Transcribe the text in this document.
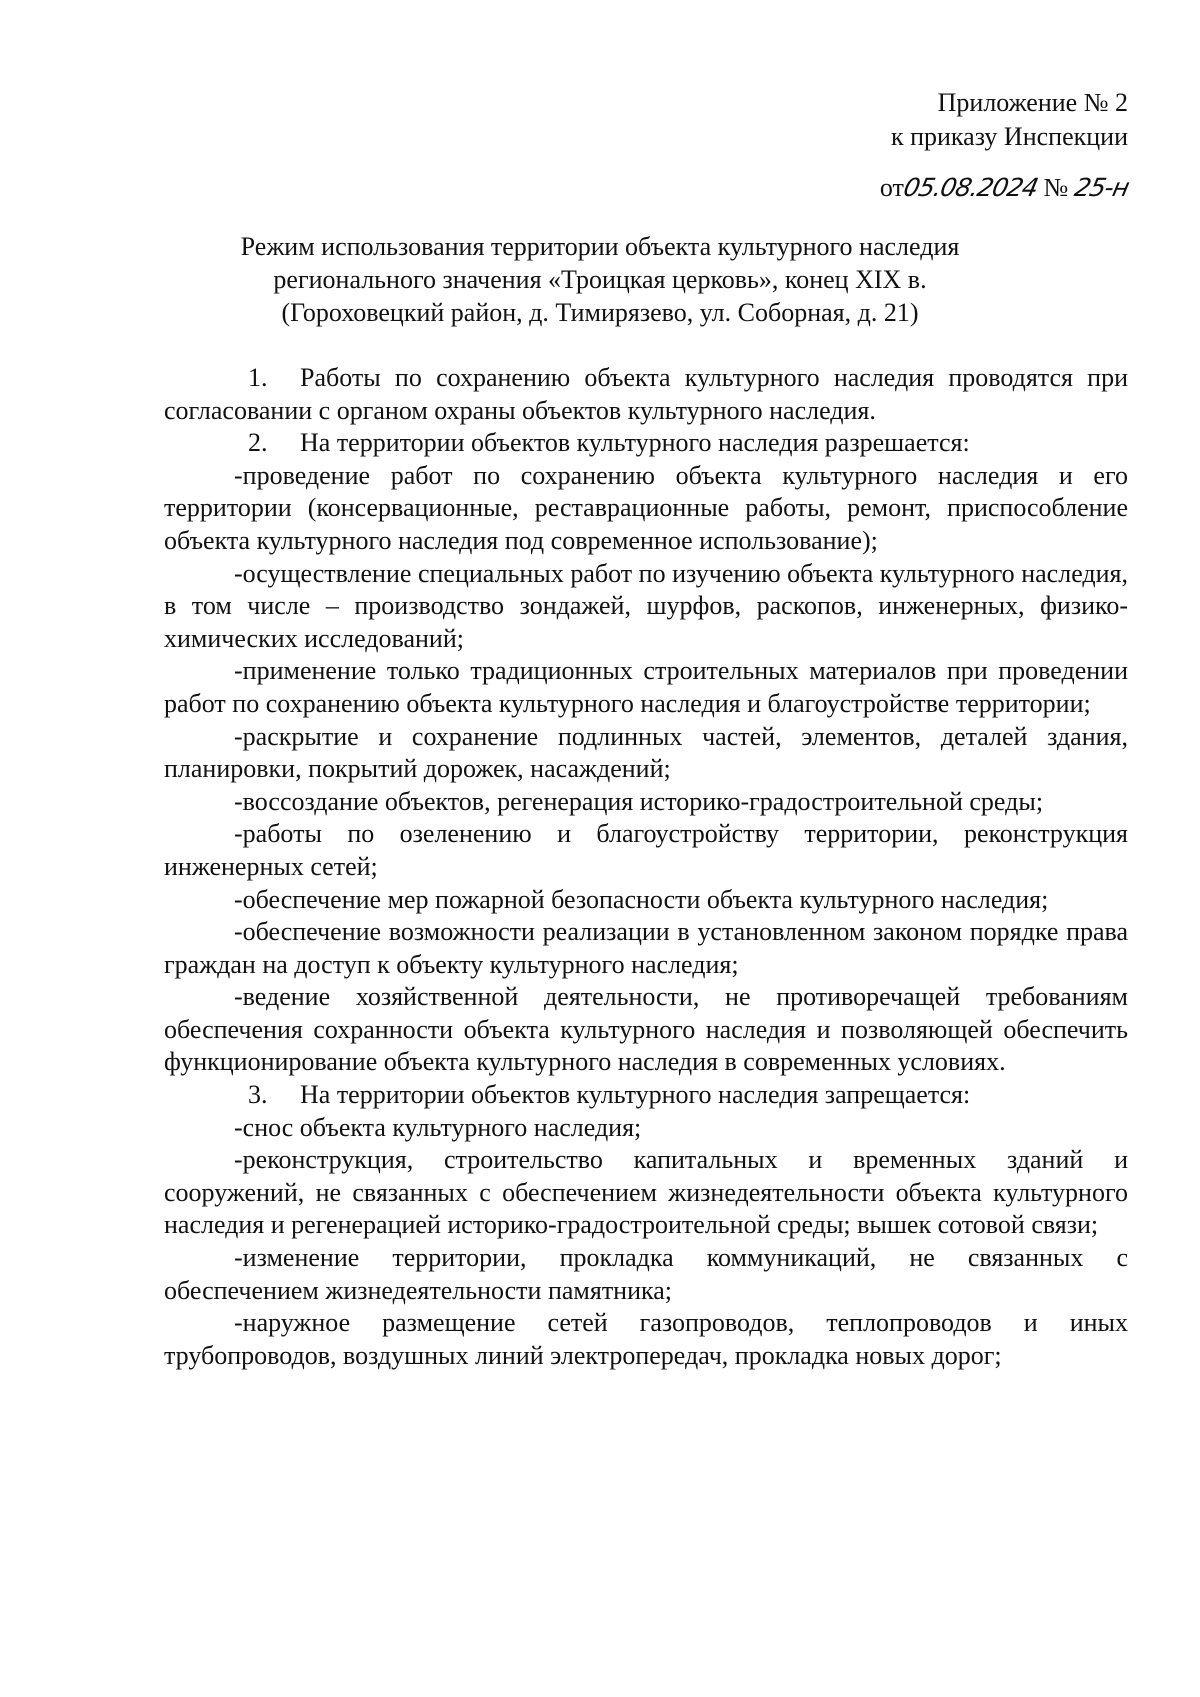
Приложение № 2
к приказу Инспекции
от05.08.2024 № 25-н
Режим использования территории объекта культурного наследия
регионального значения «Троицкая церковь», конец XIX в.
(Гороховецкий район, д. Тимирязево, ул. Соборная, д. 21)

1. Работы по сохранению объекта культурного наследия проводятся при согласовании с органом охраны объектов культурного наследия.

2. На территории объектов культурного наследия разрешается:

-проведение работ по сохранению объекта культурного наследия и его территории (консервационные, реставрационные работы, ремонт, приспособление объекта культурного наследия под современное использование);

-осуществление специальных работ по изучению объекта культурного наследия, в том числе – производство зондажей, шурфов, раскопов, инженерных, физико-химических исследований;

-применение только традиционных строительных материалов при проведении работ по сохранению объекта культурного наследия и благоустройстве территории;

-раскрытие и сохранение подлинных частей, элементов, деталей здания, планировки, покрытий дорожек, насаждений;

-воссоздание объектов, регенерация историко-градостроительной среды;

-работы по озеленению и благоустройству территории, реконструкция инженерных сетей;

-обеспечение мер пожарной безопасности объекта культурного наследия;

-обеспечение возможности реализации в установленном законом порядке права граждан на доступ к объекту культурного наследия;

-ведение хозяйственной деятельности, не противоречащей требованиям обеспечения сохранности объекта культурного наследия и позволяющей обеспечить функционирование объекта культурного наследия в современных условиях.

3. На территории объектов культурного наследия запрещается:

-снос объекта культурного наследия;

-реконструкция, строительство капитальных и временных зданий и сооружений, не связанных с обеспечением жизнедеятельности объекта культурного наследия и регенерацией историко-градостроительной среды; вышек сотовой связи;

-изменение территории, прокладка коммуникаций, не связанных с обеспечением жизнедеятельности памятника;

-наружное размещение сетей газопроводов, теплопроводов и иных трубопроводов, воздушных линий электропередач, прокладка новых дорог;
